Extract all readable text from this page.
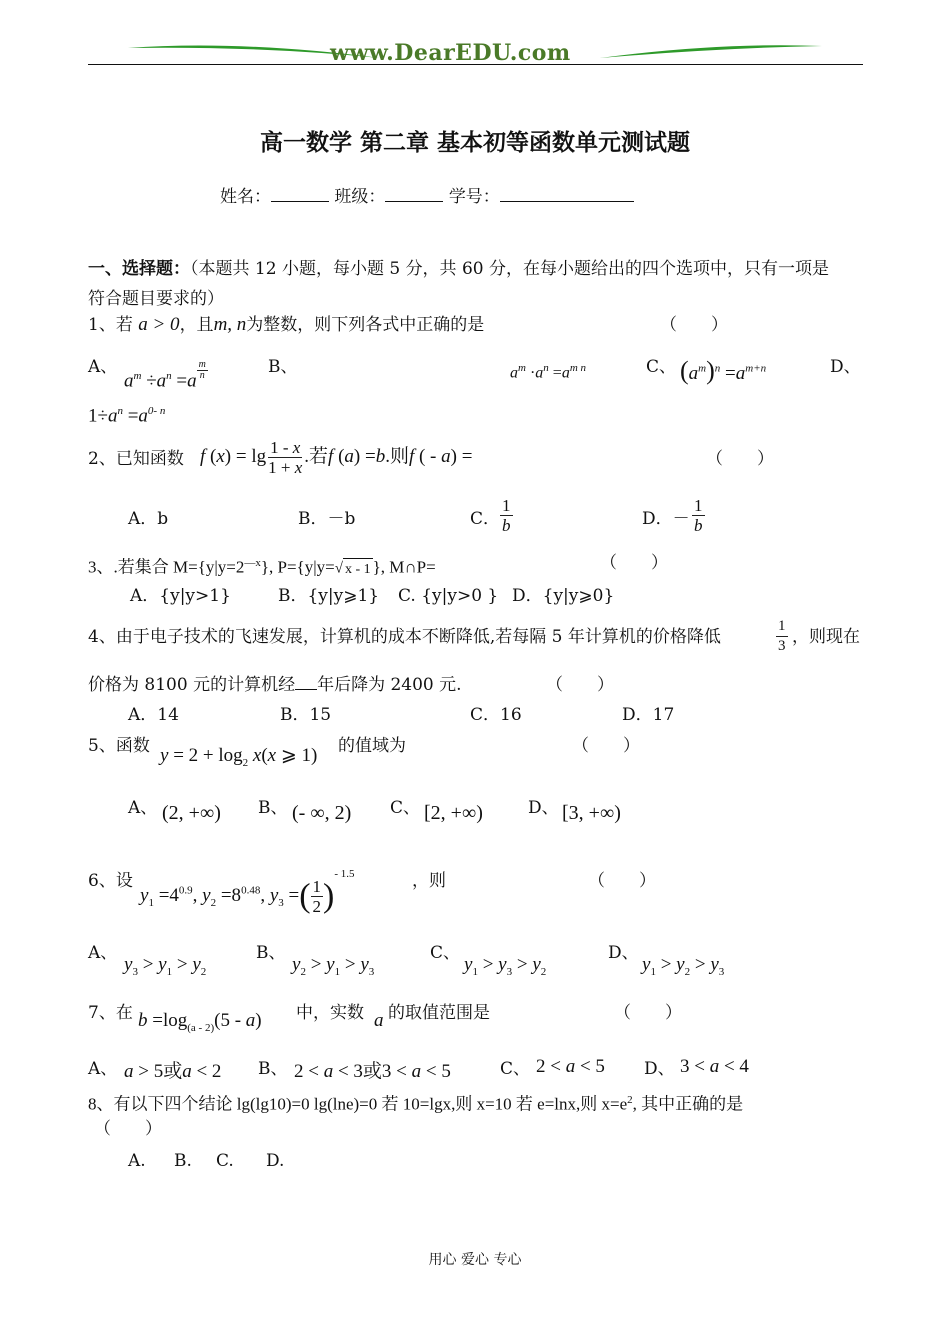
www.DearEDU.com
高一数学 第二章 基本初等函数单元测试题
姓名：	班级：	学号：
一、选择题：（本题共 12 小题，每小题 5 分，共 60 分，在每小题给出的四个选项中，只有一项是
符合题目要求的）
1、若 a > 0，且m, n为整数，则下列各式中正确的是	（　　）
A、
$a^m \div a^n =a$ $^{\frac{m}{n}}$	B、	$a^m \cdot a^n =a^{m n}$	C、 $(a^m)^n =a^{m+n}$	D、
$1\div a^n =a^{0- n}$
2、已知函数 f $(x) = \lg \frac{1 - x}{1 + x}$ .若f (a) =b.则f ( - a) =	（　　）
A．b	B．－b	C． $\frac{1}{b}$	D．－ $\frac{1}{b}$
3、.若集合 $M=\{y|y=2^{—x}\}$, P={y|y=√ x - 1 }, M∩P=	（　　）
A．{y|y>1}	B．{y|y⩾1} C. {y|y>0 } D．{y|y⩾0}
4、由于电子技术的飞速发展，计算机的成本不断降低,若每隔 5 年计算机的价格降低	$\frac{1}{3}$ ，则现在
价格为 8100 元的计算机经 年后降为 2400 元.	（　　）
A．14	B．15	C．16	D．17
5、函数 $y = 2 + \log_2 x(x$ ⩾ 1) 的值域为	（　　）
A、 (2, +∞) B、 (- ∞, 2) C、 [2, +∞)	D、 [3, +∞)
6、设
$y_1 =4^{0.9}$, $y_2 =8^{0.48}$, $y_3$ =( $\frac{1}{2} )^{- 1.5}$	，则	（　　）
A、
$y_3 > y_1 > y_2$
B、
$y_2 > y_1 > y_3$
C、
$y_1 > y_3 > y_2$
D、
$y_1 > y_2 > y_3$
7、在 $b =\log_{(a - 2)}(5 - a)$ 中，实数 a 的取值范围是	（　　）
A、 a > 5或a < 2 B、 2 < a < 3或3 < a < 5	C、 2 < a < 5 D、 3 < a < 4
8、有以下四个结论 lg(lg10)=0 lg(lne)=0 若 10=lgx,则 x=10 若 e=lnx,则 $x=e^2$, 其中正确的是
（　　）
A. B. C. D.
用心 爱心 专心
